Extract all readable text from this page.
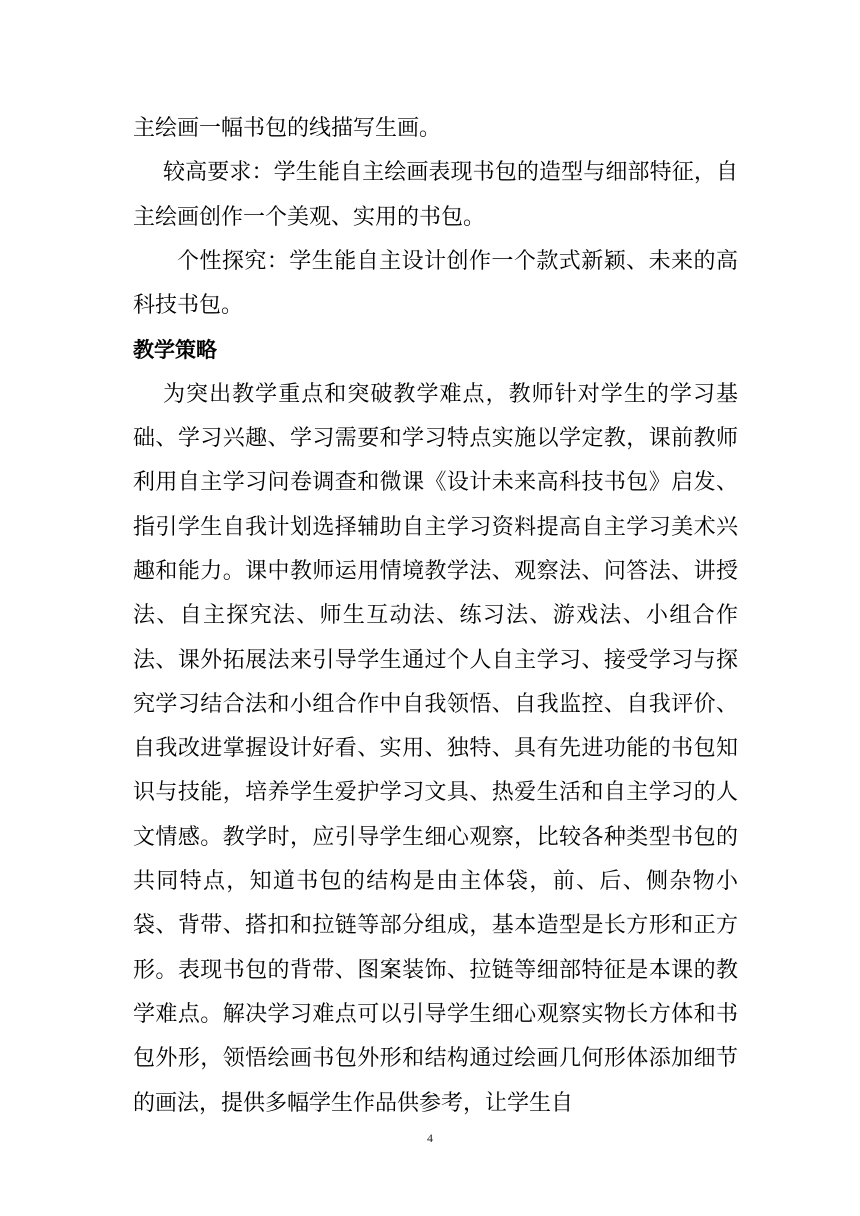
主绘画一幅书包的线描写生画。

较高要求：学生能自主绘画表现书包的造型与细部特征，自主绘画创作一个美观、实用的书包。

个性探究：学生能自主设计创作一个款式新颖、未来的高科技书包。

教学策略

为突出教学重点和突破教学难点，教师针对学生的学习基础、学习兴趣、学习需要和学习特点实施以学定教，课前教师利用自主学习问卷调查和微课《设计未来高科技书包》启发、指引学生自我计划选择辅助自主学习资料提高自主学习美术兴趣和能力。课中教师运用情境教学法、观察法、问答法、讲授法、自主探究法、师生互动法、练习法、游戏法、小组合作法、课外拓展法来引导学生通过个人自主学习、接受学习与探究学习结合法和小组合作中自我领悟、自我监控、自我评价、自我改进掌握设计好看、实用、独特、具有先进功能的书包知识与技能，培养学生爱护学习文具、热爱生活和自主学习的人文情感。教学时，应引导学生细心观察，比较各种类型书包的共同特点，知道书包的结构是由主体袋，前、后、侧杂物小袋、背带、搭扣和拉链等部分组成，基本造型是长方形和正方形。表现书包的背带、图案装饰、拉链等细部特征是本课的教学难点。解决学习难点可以引导学生细心观察实物长方体和书包外形，领悟绘画书包外形和结构通过绘画几何形体添加细节的画法，提供多幅学生作品供参考，让学生自

4
